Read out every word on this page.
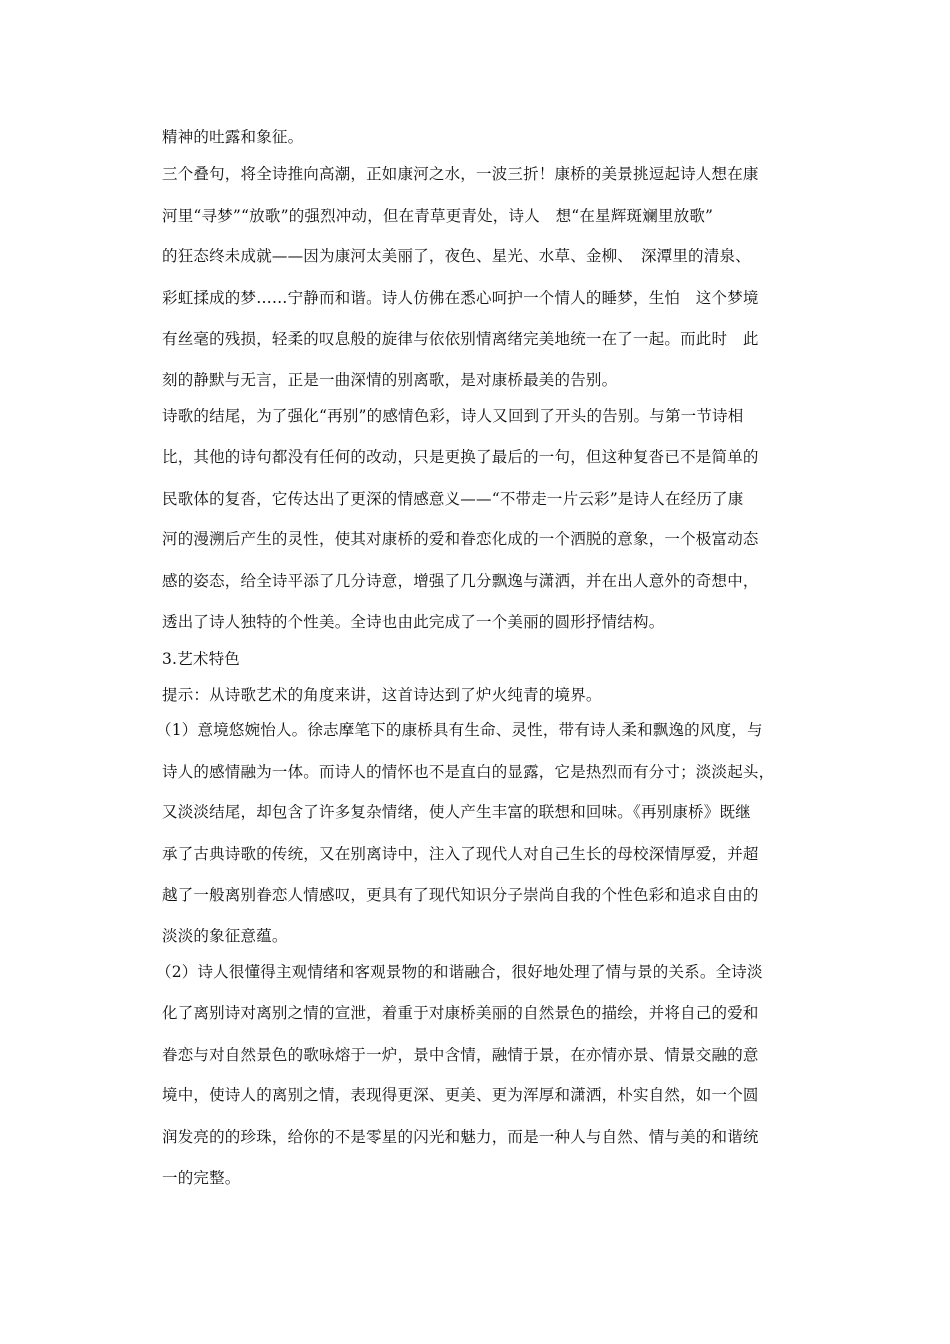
精神的吐露和象征。
三个叠句，将全诗推向高潮，正如康河之水，一波三折！康桥的美景挑逗起诗人想在康
河里“寻梦”“放歌”的强烈冲动，但在青草更青处，诗人　想“在星辉斑斓里放歌”
的狂态终未成就——因为康河太美丽了，夜色、星光、水草、金柳、　深潭里的清泉、
彩虹揉成的梦……宁静而和谐。诗人仿佛在悉心呵护一个情人的睡梦，生怕　这个梦境
有丝毫的残损，轻柔的叹息般的旋律与依依别情离绪完美地统一在了一起。而此时　此
刻的静默与无言，正是一曲深情的别离歌，是对康桥最美的告别。
诗歌的结尾，为了强化“再别”的感情色彩，诗人又回到了开头的告别。与第一节诗相
比，其他的诗句都没有任何的改动，只是更换了最后的一句，但这种复沓已不是简单的
民歌体的复沓，它传达出了更深的情感意义——“不带走一片云彩”是诗人在经历了康
河的漫溯后产生的灵性，使其对康桥的爱和眷恋化成的一个洒脱的意象，一个极富动态
感的姿态，给全诗平添了几分诗意，增强了几分飘逸与潇洒，并在出人意外的奇想中，
透出了诗人独特的个性美。全诗也由此完成了一个美丽的圆形抒情结构。
3.艺术特色
提示：从诗歌艺术的角度来讲，这首诗达到了炉火纯青的境界。
（1）意境悠婉怡人。徐志摩笔下的康桥具有生命、灵性，带有诗人柔和飘逸的风度，与
诗人的感情融为一体。而诗人的情怀也不是直白的显露，它是热烈而有分寸；淡淡起头，
又淡淡结尾，却包含了许多复杂情绪，使人产生丰富的联想和回味。《再别康桥》既继
承了古典诗歌的传统，又在别离诗中，注入了现代人对自己生长的母校深情厚爱，并超
越了一般离别眷恋人情感叹，更具有了现代知识分子崇尚自我的个性色彩和追求自由的
淡淡的象征意蕴。
（2）诗人很懂得主观情绪和客观景物的和谐融合，很好地处理了情与景的关系。全诗淡
化了离别诗对离别之情的宣泄，着重于对康桥美丽的自然景色的描绘，并将自己的爱和
眷恋与对自然景色的歌咏熔于一炉，景中含情，融情于景，在亦情亦景、情景交融的意
境中，使诗人的离别之情，表现得更深、更美、更为浑厚和潇洒，朴实自然，如一个圆
润发亮的的珍珠，给你的不是零星的闪光和魅力，而是一种人与自然、情与美的和谐统
一的完整。
